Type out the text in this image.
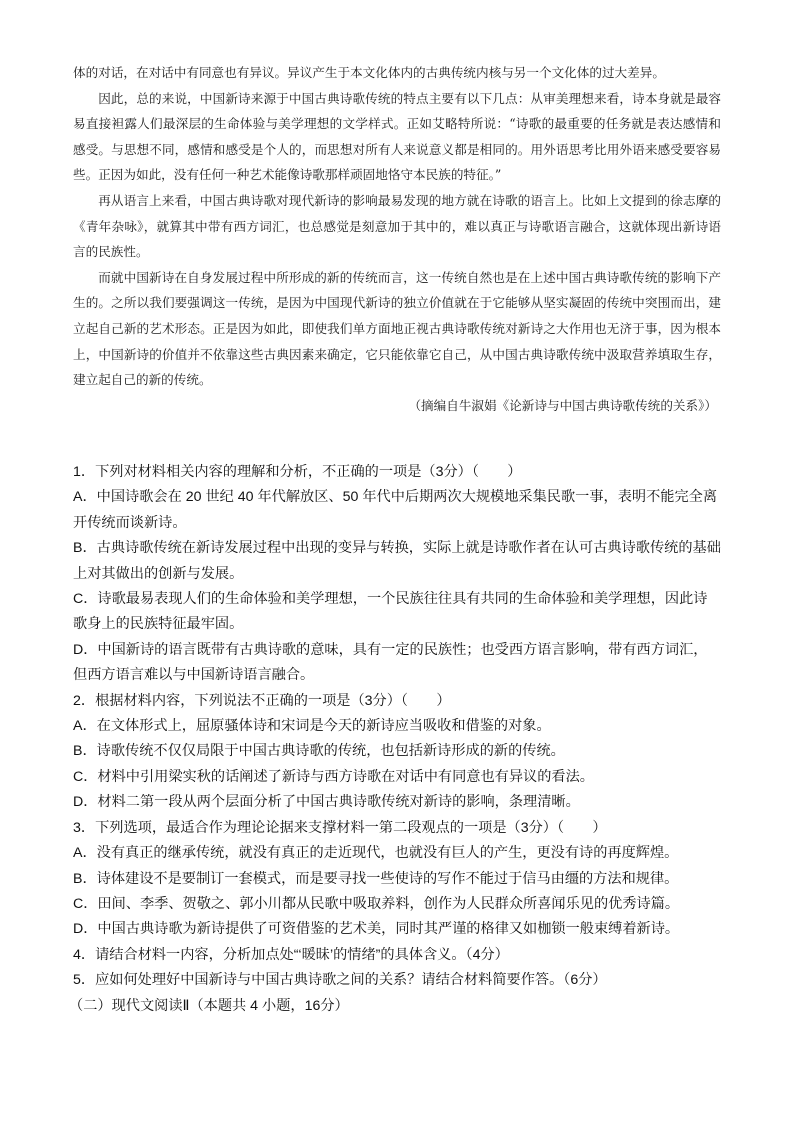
体的对话，在对话中有同意也有异议。异议产生于本文化体内的古典传统内核与另一个文化体的过大差异。

因此，总的来说，中国新诗来源于中国古典诗歌传统的特点主要有以下几点：从审美理想来看，诗本身就是最容易直接袒露人们最深层的生命体验与美学理想的文学样式。正如艾略特所说：“诗歌的最重要的任务就是表达感情和感受。与思想不同，感情和感受是个人的，而思想对所有人来说意义都是相同的。用外语思考比用外语来感受要容易些。正因为如此，没有任何一种艺术能像诗歌那样顽固地恪守本民族的特征。”

再从语言上来看，中国古典诗歌对现代新诗的影响最易发现的地方就在诗歌的语言上。比如上文提到的徐志摩的《青年杂咏》，就算其中带有西方词汇，也总感觉是刻意加于其中的，难以真正与诗歌语言融合，这就体现出新诗语言的民族性。

而就中国新诗在自身发展过程中所形成的新的传统而言，这一传统自然也是在上述中国古典诗歌传统的影响下产生的。之所以我们要强调这一传统，是因为中国现代新诗的独立价值就在于它能够从坚实凝固的传统中突围而出，建立起自己新的艺术形态。正是因为如此，即使我们单方面地正视古典诗歌传统对新诗之大作用也无济于事，因为根本上，中国新诗的价值并不依靠这些古典因素来确定，它只能依靠它自己，从中国古典诗歌传统中汲取营养填取生存，建立起自己的新的传统。

（摘编自牛淑娟《论新诗与中国古典诗歌传统的关系》）

1．下列对材料相关内容的理解和分析，不正确的一项是（3分）（　　）

A．中国诗歌会在 20 世纪 40 年代解放区、50 年代中后期两次大规模地采集民歌一事，表明不能完全离开传统而谈新诗。

B．古典诗歌传统在新诗发展过程中出现的变异与转换，实际上就是诗歌作者在认可古典诗歌传统的基础上对其做出的创新与发展。

C．诗歌最易表现人们的生命体验和美学理想，一个民族往往具有共同的生命体验和美学理想，因此诗歌身上的民族特征最牢固。

D．中国新诗的语言既带有古典诗歌的意味，具有一定的民族性；也受西方语言影响，带有西方词汇，但西方语言难以与中国新诗语言融合。

2．根据材料内容，下列说法不正确的一项是（3分）（　　）

A．在文体形式上，屈原骚体诗和宋词是今天的新诗应当吸收和借鉴的对象。

B．诗歌传统不仅仅局限于中国古典诗歌的传统，也包括新诗形成的新的传统。

C．材料中引用梁实秋的话阐述了新诗与西方诗歌在对话中有同意也有异议的看法。

D．材料二第一段从两个层面分析了中国古典诗歌传统对新诗的影响，条理清晰。

3．下列选项，最适合作为理论论据来支撑材料一第二段观点的一项是（3分）（　　）

A．没有真正的继承传统，就没有真正的走近现代，也就没有巨人的产生，更没有诗的再度辉煌。

B．诗体建设不是要制订一套模式，而是要寻找一些使诗的写作不能过于信马由缰的方法和规律。

C．田间、李季、贺敬之、郭小川都从民歌中吸取养料，创作为人民群众所喜闻乐见的优秀诗篇。

D．中国古典诗歌为新诗提供了可资借鉴的艺术美，同时其严谨的格律又如枷锁一般束缚着新诗。

4．请结合材料一内容，分析加点处“‘暖昧’的情绪”的具体含义。（4分）

5．应如何处理好中国新诗与中国古典诗歌之间的关系？请结合材料简要作答。（6分）

（二）现代文阅读Ⅱ（本题共 4 小题，16分）
